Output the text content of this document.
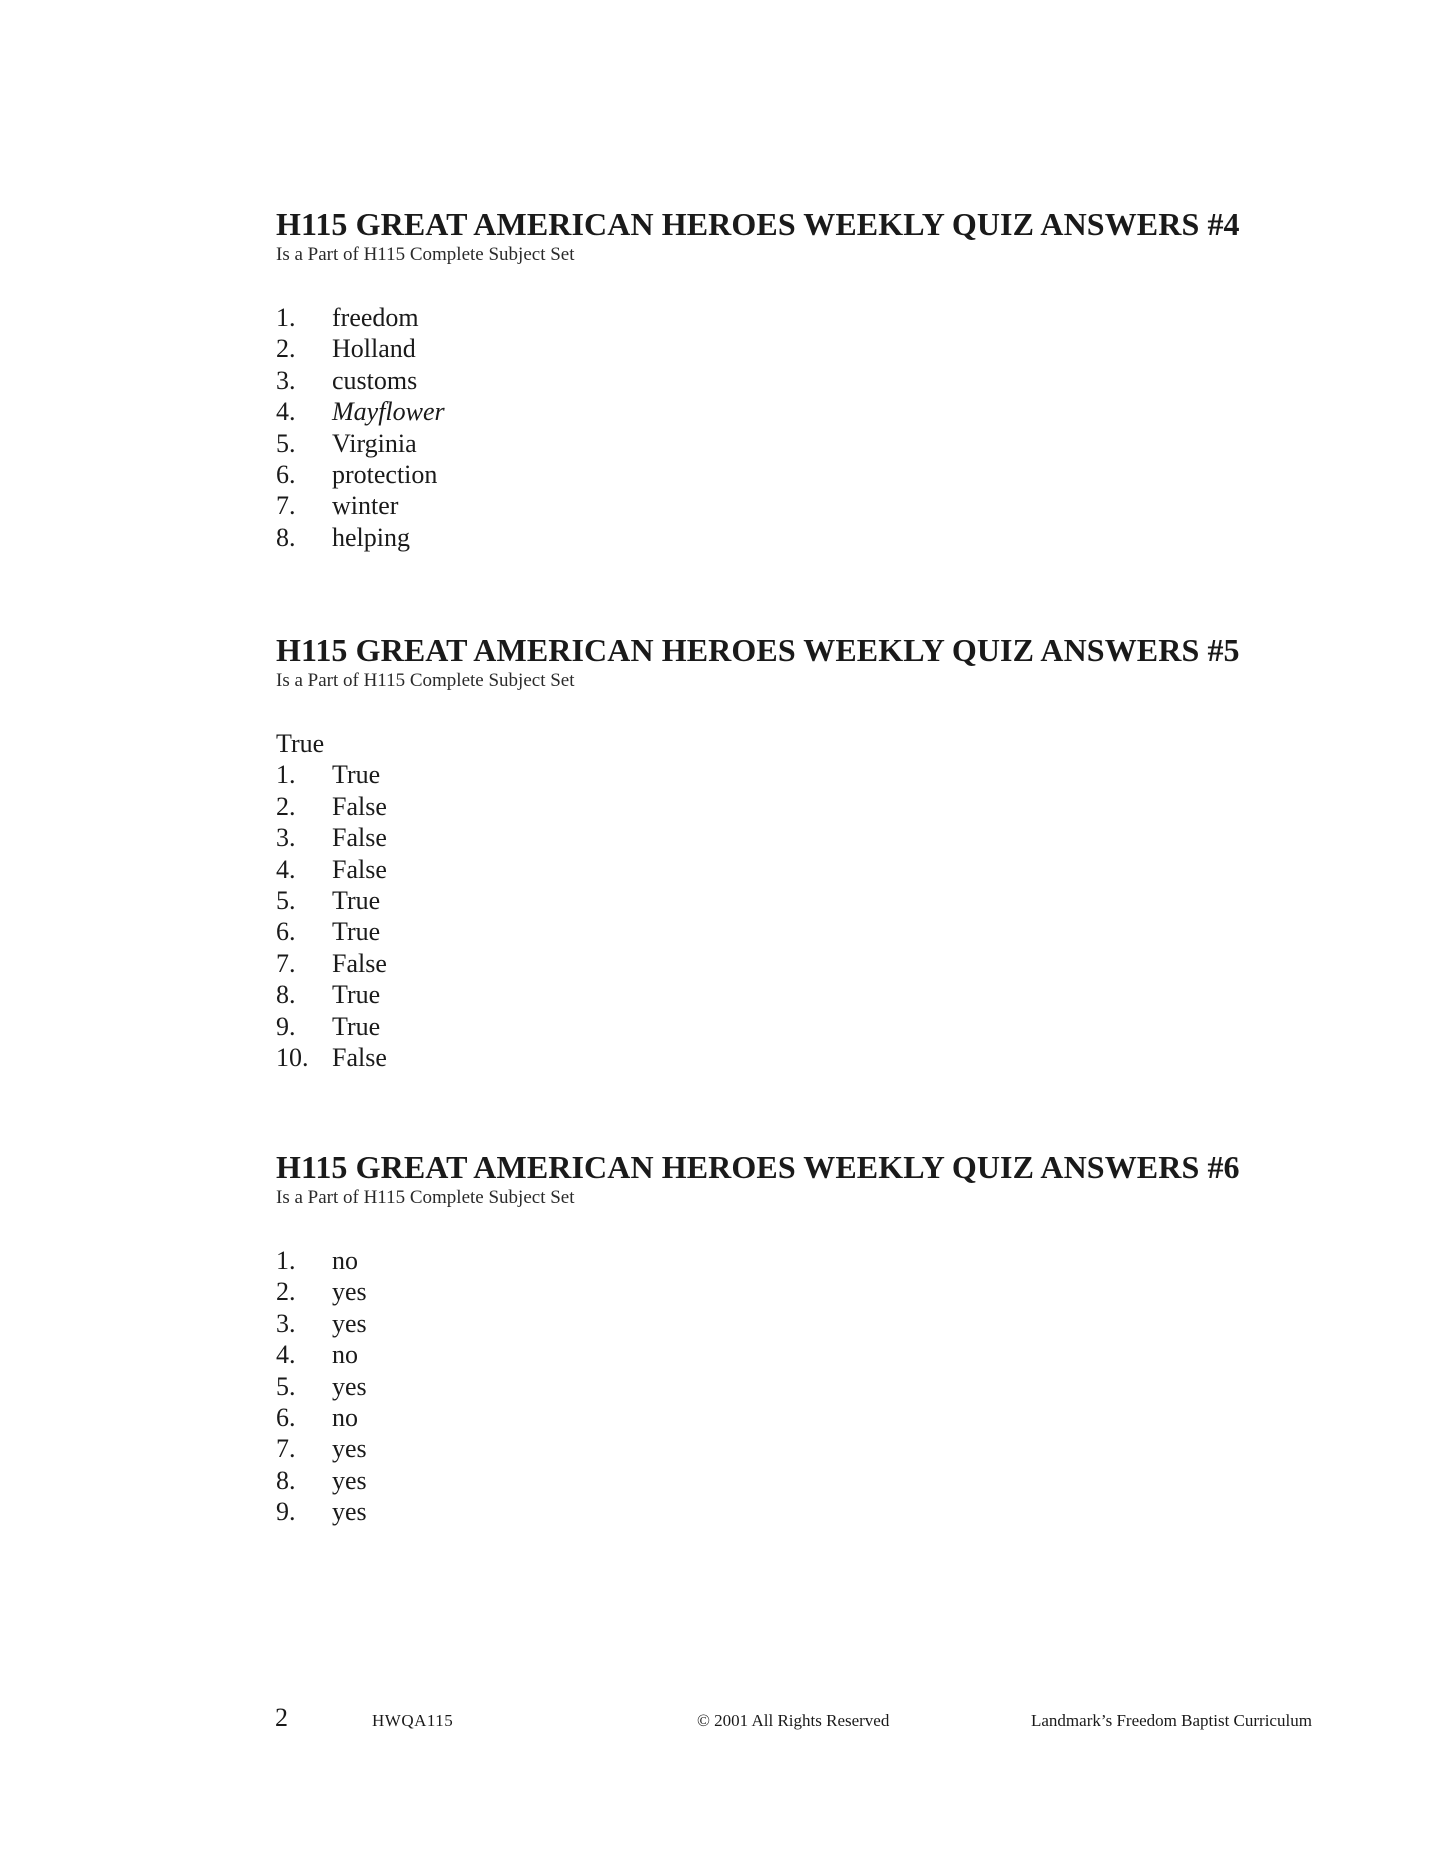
H115 GREAT AMERICAN HEROES WEEKLY QUIZ ANSWERS #4
Is a Part of H115 Complete Subject Set
1.	freedom
2.	Holland
3.	customs
4.	Mayflower
5.	Virginia
6.	protection
7.	winter
8.	helping
H115 GREAT AMERICAN HEROES WEEKLY QUIZ ANSWERS #5
Is a Part of H115 Complete Subject Set
True
1.	True
2.	False
3.	False
4.	False
5.	True
6.	True
7.	False
8.	True
9.	True
10. False
H115 GREAT AMERICAN HEROES WEEKLY QUIZ ANSWERS #6
Is a Part of H115 Complete Subject Set
1.	no
2.	yes
3.	yes
4.	no
5.	yes
6.	no
7.	yes
8.	yes
9.	yes
2	HWQA115	© 2001 All Rights Reserved	Landmark’s Freedom Baptist Curriculum
